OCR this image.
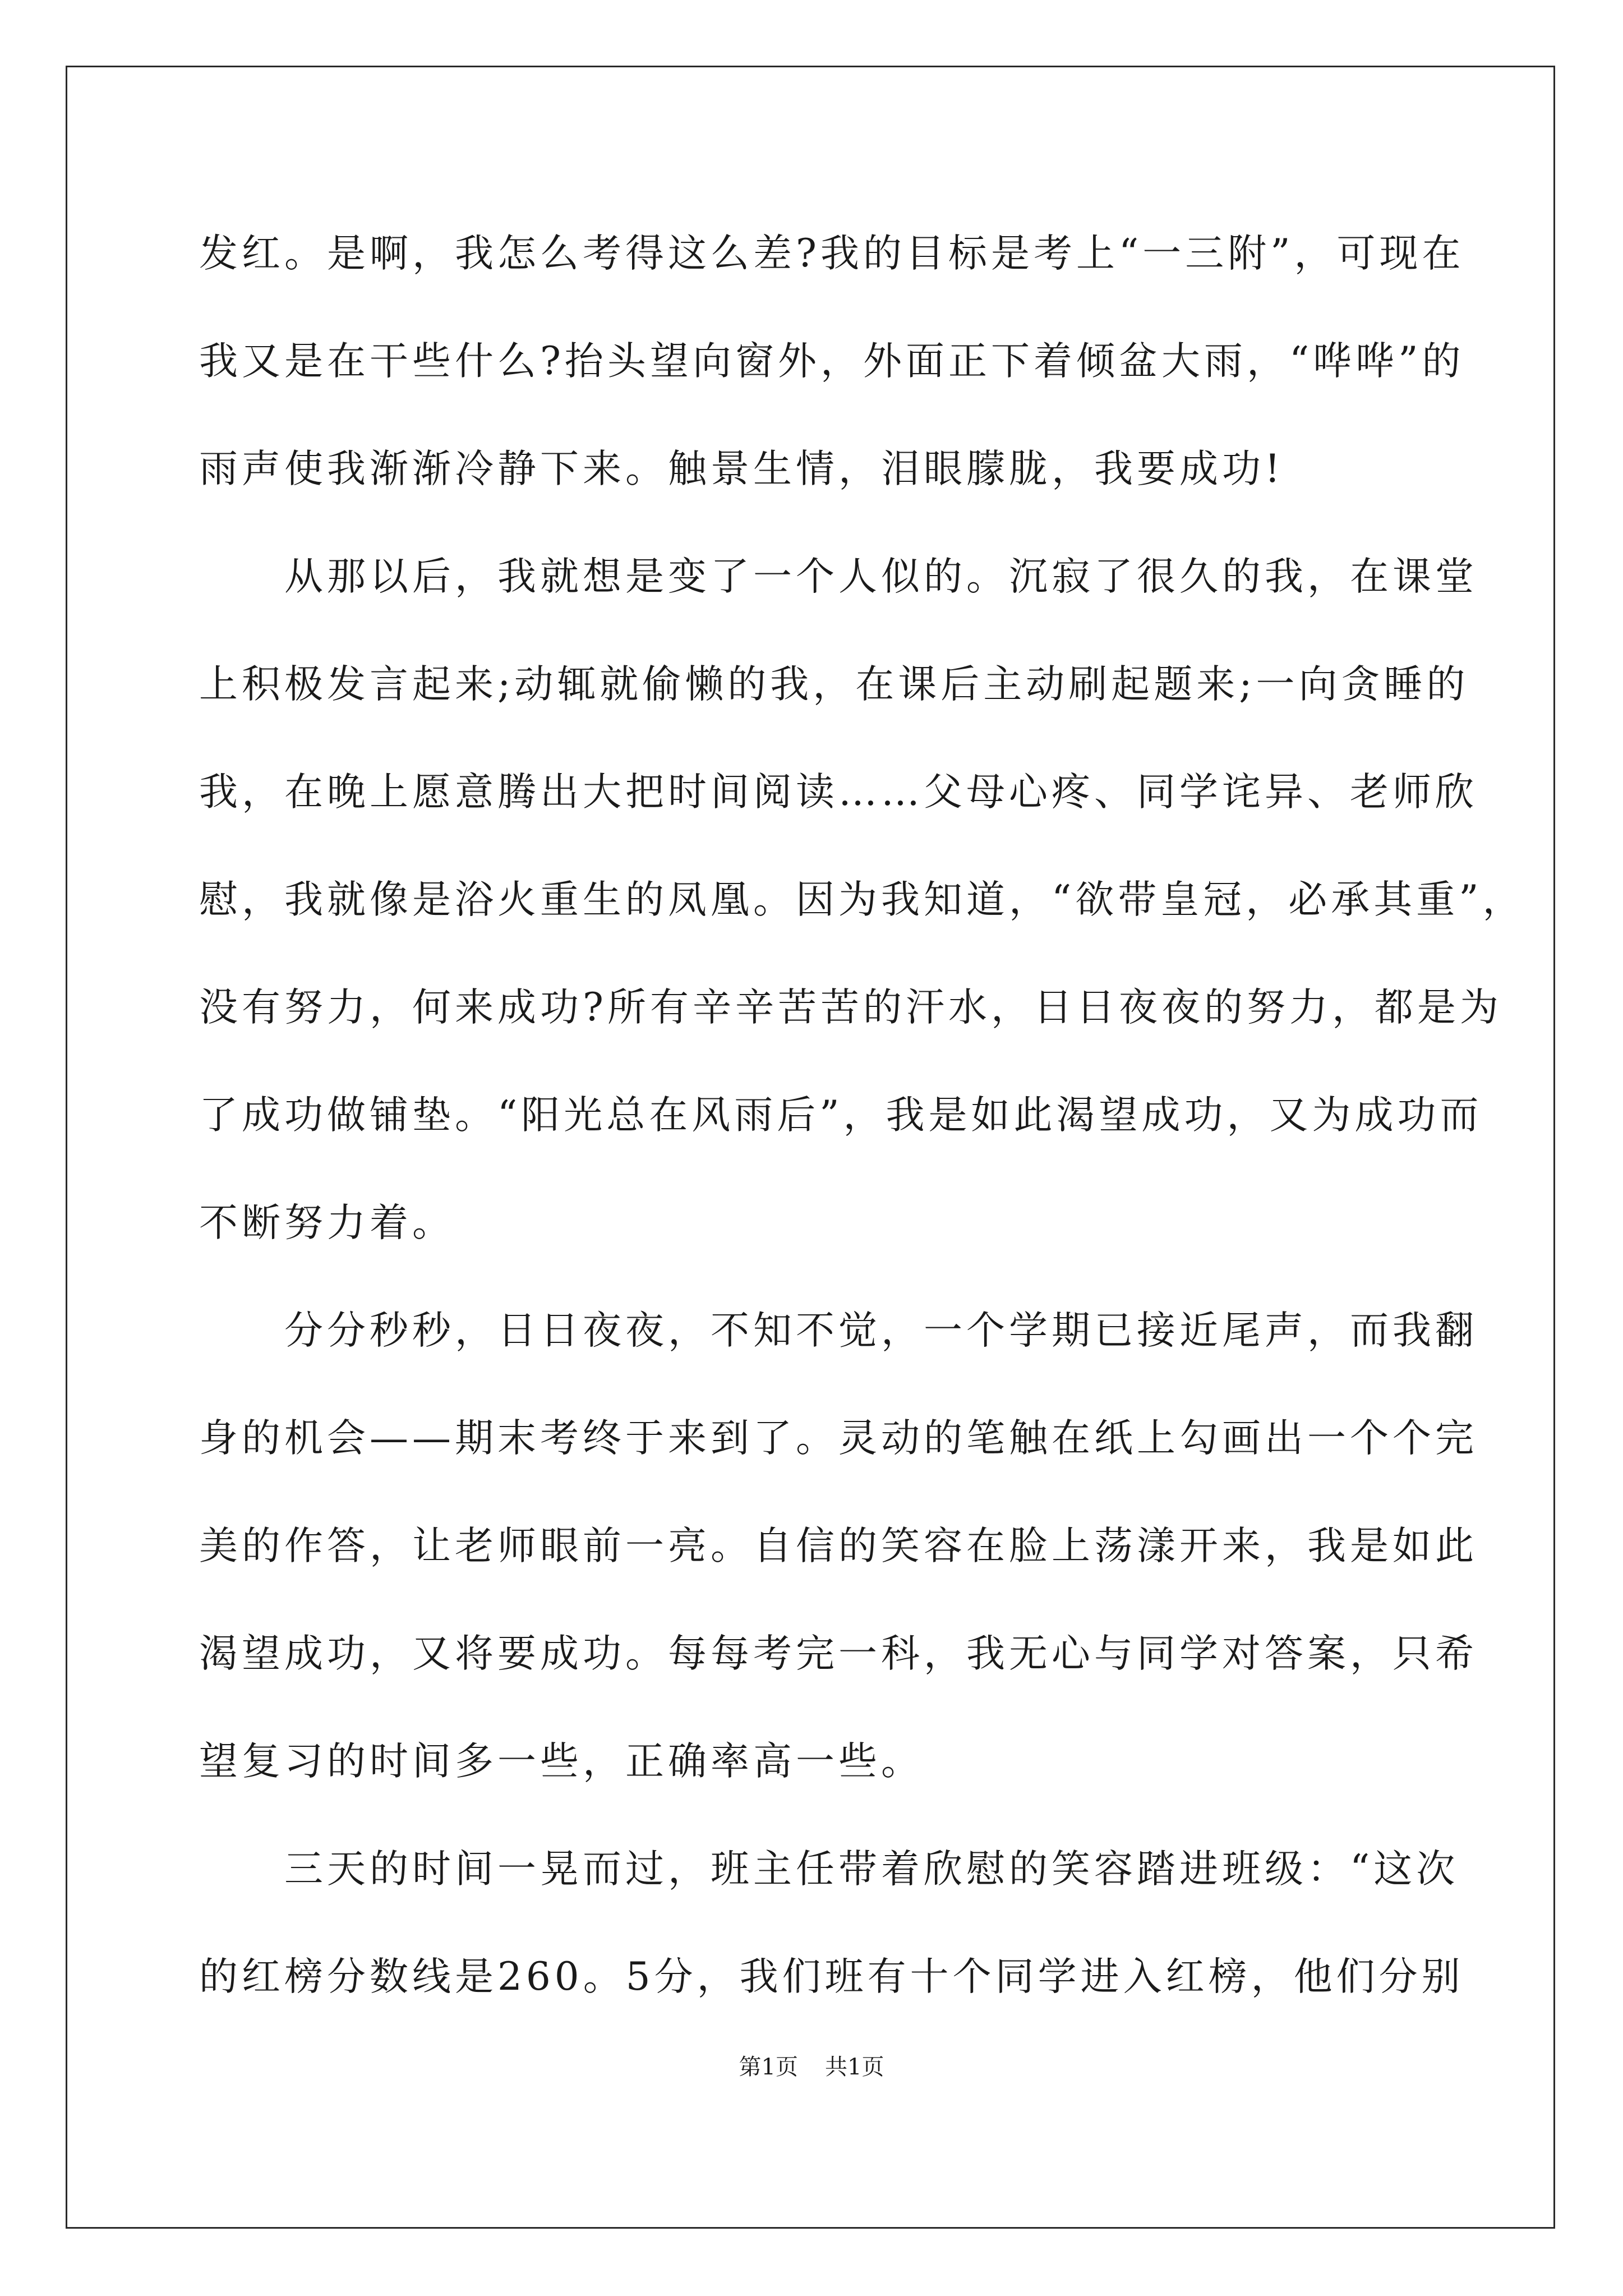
发红。是啊，我怎么考得这么差?我的目标是考上“一三附”，可现在
我又是在干些什么?抬头望向窗外，外面正下着倾盆大雨，“哗哗”的
雨声使我渐渐冷静下来。触景生情，泪眼朦胧，我要成功!
　　从那以后，我就想是变了一个人似的。沉寂了很久的我，在课堂
上积极发言起来;动辄就偷懒的我，在课后主动刷起题来;一向贪睡的
我，在晚上愿意腾出大把时间阅读……父母心疼、同学诧异、老师欣
慰，我就像是浴火重生的凤凰。因为我知道，“欲带皇冠，必承其重”，
没有努力，何来成功?所有辛辛苦苦的汗水，日日夜夜的努力，都是为
了成功做铺垫。“阳光总在风雨后”，我是如此渴望成功，又为成功而
不断努力着。
　　分分秒秒，日日夜夜，不知不觉，一个学期已接近尾声，而我翻
身的机会——期末考终于来到了。灵动的笔触在纸上勾画出一个个完
美的作答，让老师眼前一亮。自信的笑容在脸上荡漾开来，我是如此
渴望成功，又将要成功。每每考完一科，我无心与同学对答案，只希
望复习的时间多一些，正确率高一些。
　　三天的时间一晃而过，班主任带着欣慰的笑容踏进班级：“这次
的红榜分数线是260。5分，我们班有十个同学进入红榜，他们分别
第1页 共1页
